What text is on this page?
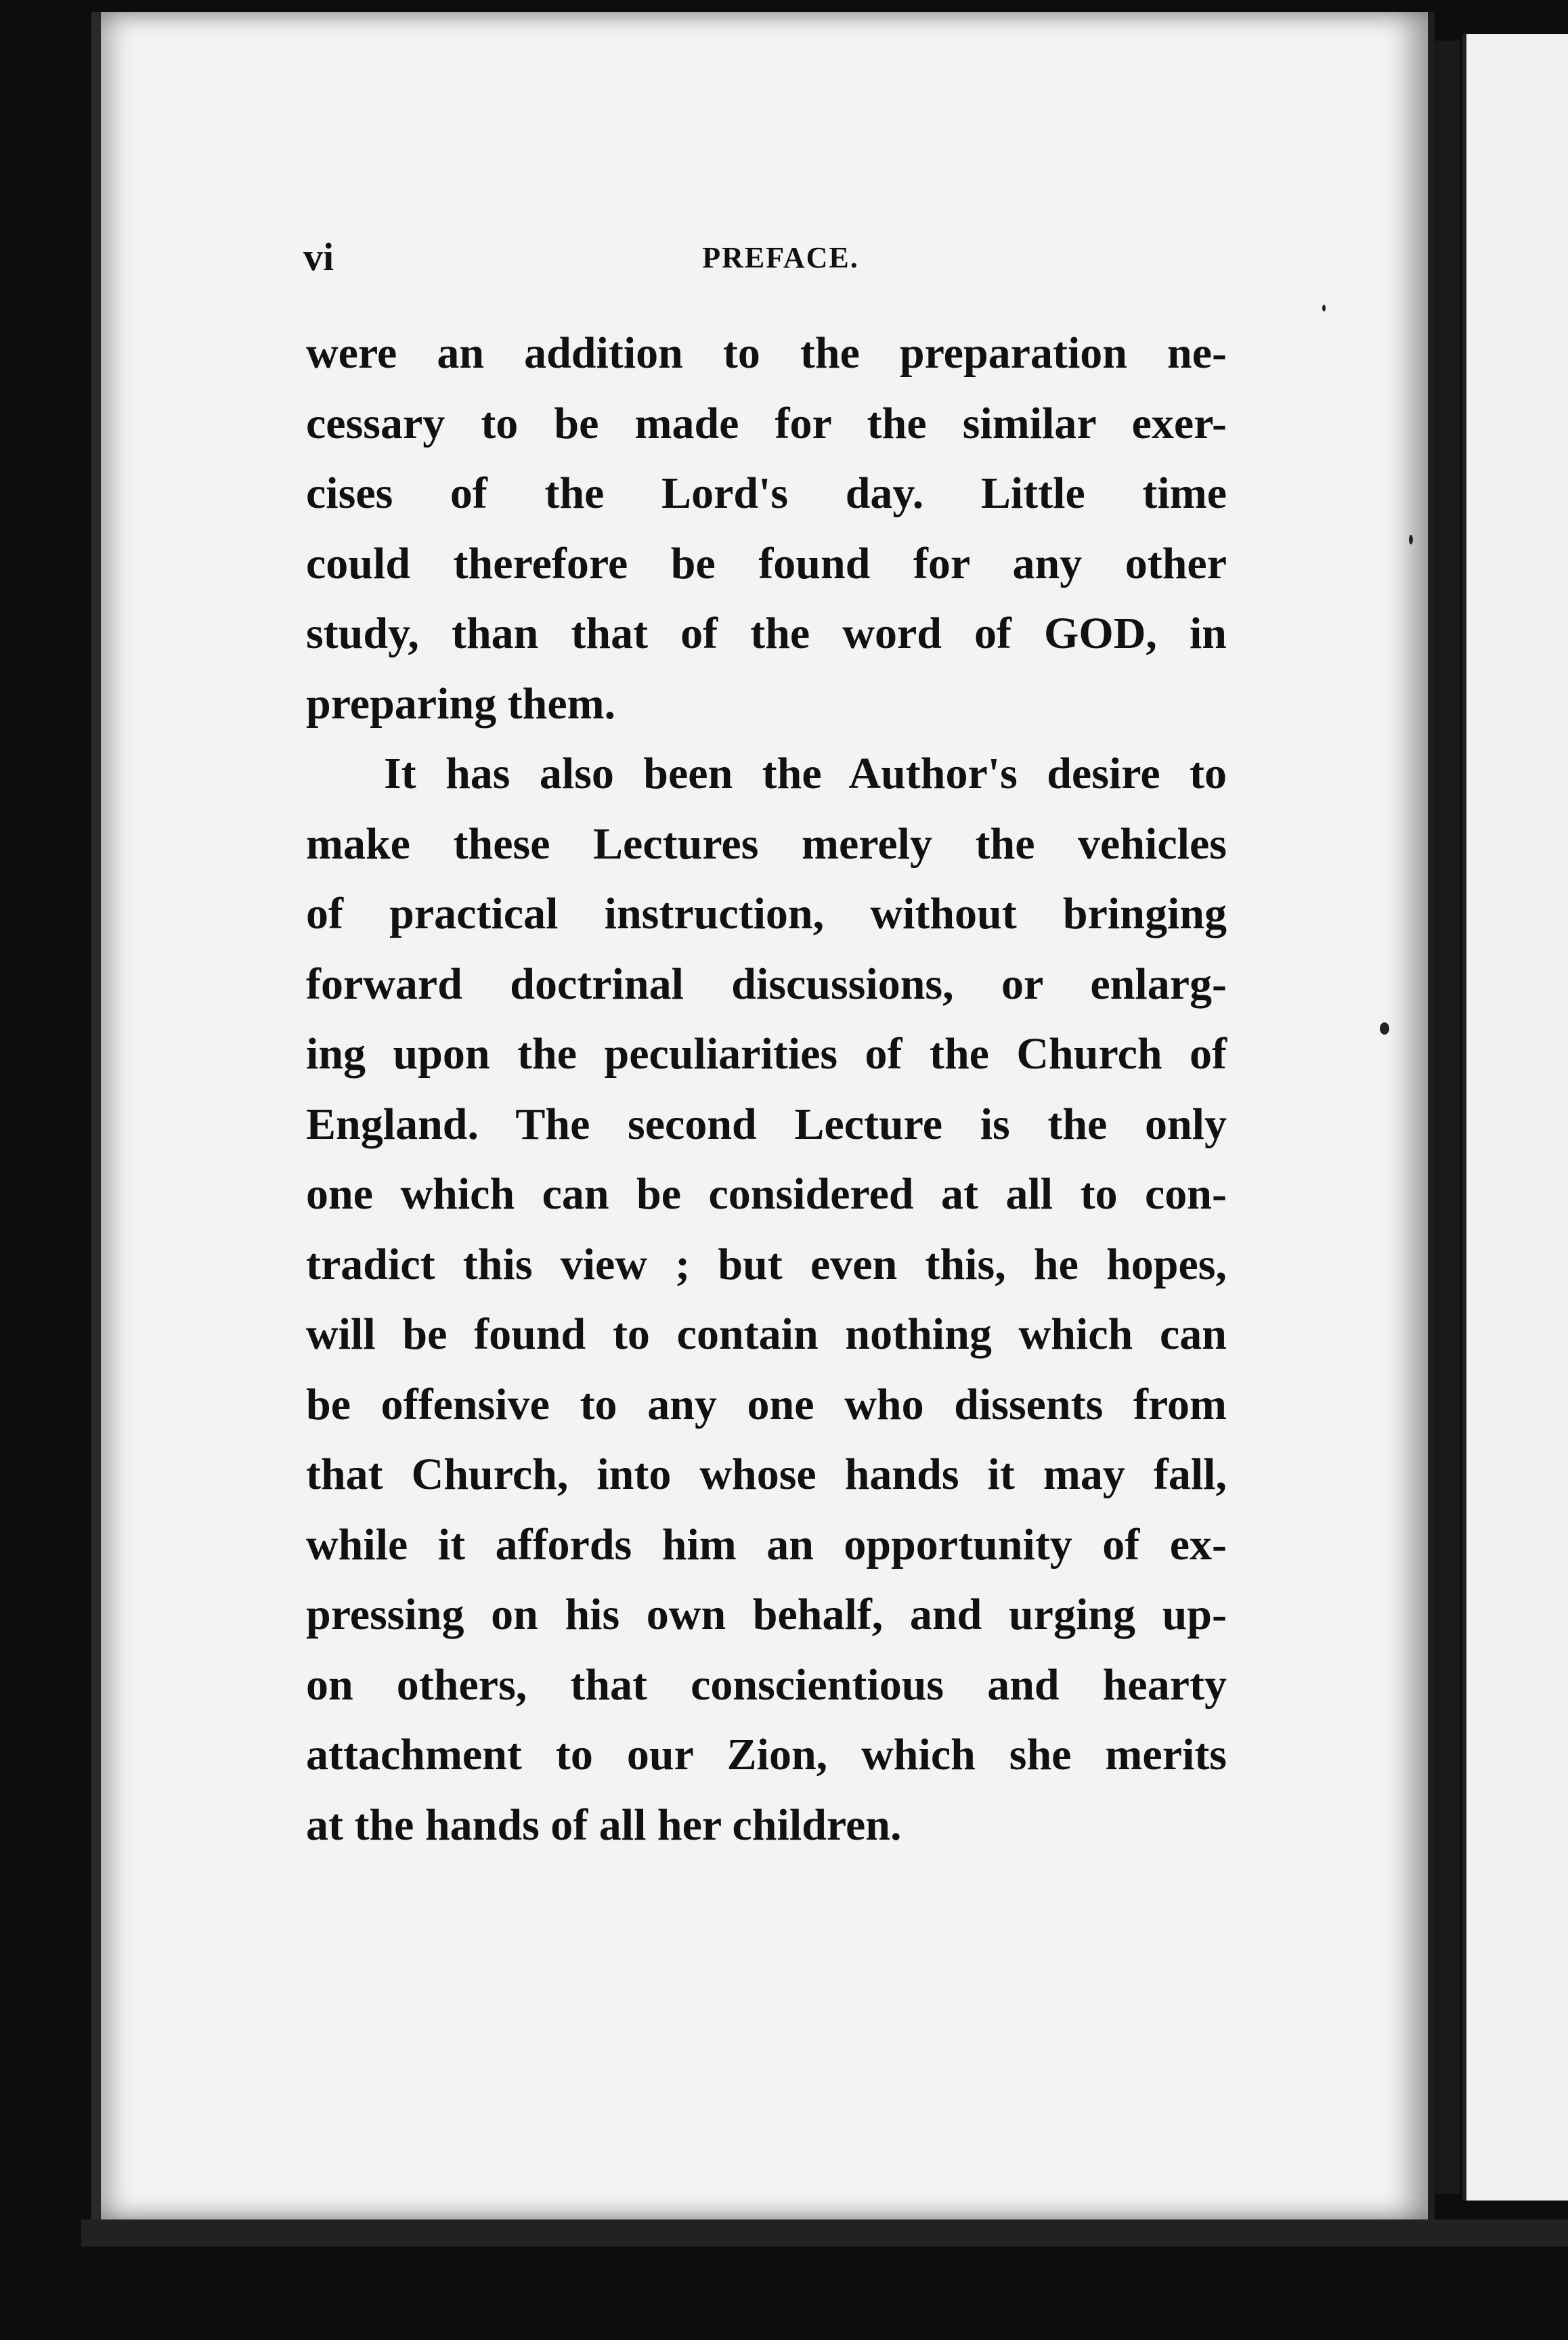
vi	PREFACE.
were an addition to the preparation ne-
cessary to be made for the similar exer-
cises of the Lord's day. Little time
could therefore be found for any other
study, than that of the word of GOD, in
preparing them.
It has also been the Author's desire to
make these Lectures merely the vehicles
of practical instruction, without bringing
forward doctrinal discussions, or enlarg-
ing upon the peculiarities of the Church of
England. The second Lecture is the only
one which can be considered at all to con-
tradict this view ; but even this, he hopes,
will be found to contain nothing which can
be offensive to any one who dissents from
that Church, into whose hands it may fall,
while it affords him an opportunity of ex-
pressing on his own behalf, and urging up-
on others, that conscientious and hearty
attachment to our Zion, which she merits
at the hands of all her children.
